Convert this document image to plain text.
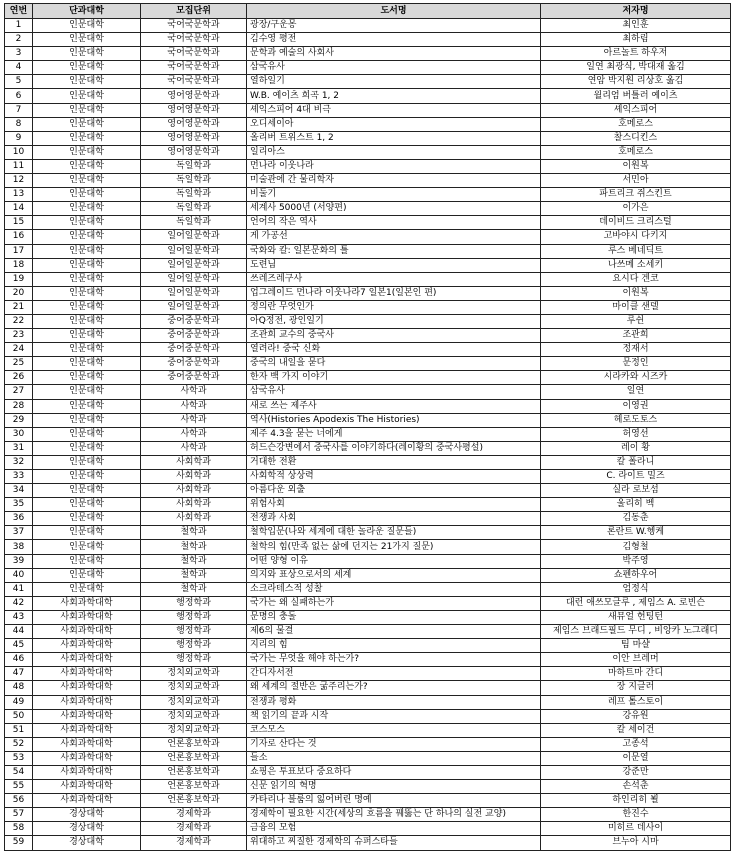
연번	단과대학	모집단위	도서명	저자명
1	인문대학	국어국문학과	광장/구운몽	최인훈
2	인문대학	국어국문학과	김수영 평전	최하림
3	인문대학	국어국문학과	문학과 예술의 사회사	아르놀트 하우저
4	인문대학	국어국문학과	삼국유사	일연 최광식, 박대재 옮김
5	인문대학	국어국문학과	열하일기	연암 박지원 리상호 옮김
6	인문대학	영어영문학과	W.B. 예이츠 희곡 1, 2	윌리엄 버틀러 예이츠
7	인문대학	영어영문학과	셰익스피어 4대 비극	셰익스피어
8	인문대학	영어영문학과	오디세이아	호메로스
9	인문대학	영어영문학과	올리버 트위스트 1, 2	찰스디킨스
10	인문대학	영어영문학과	일리아스	호메로스
11	인문대학	독일학과	먼나라 이웃나라	이원복
12	인문대학	독일학과	미술관에 간 물리학자	서민아
13	인문대학	독일학과	비둘기	파트리크 쥐스킨트
14	인문대학	독일학과	세계사 5000년 (서양편)	이가은
15	인문대학	독일학과	언어의 작은 역사	데이비드 크리스털
16	인문대학	일어일문학과	게 가공선	고바야시 다키지
17	인문대학	일어일문학과	국화와 칼: 일본문화의 틀	루스 베네딕트
18	인문대학	일어일문학과	도련님	나쓰메 소세키
19	인문대학	일어일문학과	쓰레즈레구사	요시다 겐코
20	인문대학	일어일문학과	업그레이드 먼나라 이웃나라7 일본1(일본인 편)	이원복
21	인문대학	일어일문학과	정의란 무엇인가	마이클 샌델
22	인문대학	중어중문학과	아Q정전, 광인일기	루쉰
23	인문대학	중어중문학과	조관희 교수의 중국사	조관희
24	인문대학	중어중문학과	열려라! 중국 신화	정재서
25	인문대학	중어중문학과	중국의 내일을 묻다	문정인
26	인문대학	중어중문학과	한자 백 가지 이야기	시라카와 시즈카
27	인문대학	사학과	삼국유사	일연
28	인문대학	사학과	새로 쓰는 제주사	이영권
29	인문대학	사학과	역사(Histories Apodexis The Histories)	헤로도토스
30	인문대학	사학과	제주 4.3을 묻는 너에게	허영선
31	인문대학	사학과	허드슨강변에서 중국사를 이야기하다(레이황의 중국사평설)	레이 황
32	인문대학	사회학과	거대한 전환	칼 폴라니
33	인문대학	사회학과	사회학적 상상력	C. 라이트 밀즈
34	인문대학	사회학과	아름다운 외출	실라 로보섬
35	인문대학	사회학과	위험사회	울리히 벡
36	인문대학	사회학과	전쟁과 사회	김동춘
37	인문대학	철학과	철학입문(나와 세계에 대한 놀라운 질문들)	론란트 W.헹케
38	인문대학	철학과	철학의 힘(만족 없는 삶에 던지는 21가지 질문)	김형철
39	인문대학	철학과	어떤 양형 이유	박주영
40	인문대학	철학과	의지와 표상으로서의 세계	쇼펜하우어
41	인문대학	철학과	소크라테스적 성찰	엄정식
42	사회과학대학	행정학과	국가는 왜 실패하는가	대런 애쓰모글루 , 제임스 A. 로빈슨
43	사회과학대학	행정학과	문명의 충돌	새뮤얼 헌팅턴
44	사회과학대학	행정학과	제6의 물결	제임스 브래드필드 무디 , 비앙카 노그래디
45	사회과학대학	행정학과	지리의 힘	팀 마샬
46	사회과학대학	행정학과	국가는 무엇을 해야 하는가?	이안 브레머
47	사회과학대학	정치외교학과	간디자서전	마하트마 간디
48	사회과학대학	정치외교학과	왜 세계의 절반은 굶주리는가?	장 지글러
49	사회과학대학	정치외교학과	전쟁과 평화	레프 톨스토이
50	사회과학대학	정치외교학과	책 읽기의 끝과 시작	강유원
51	사회과학대학	정치외교학과	코스모스	칼 세이건
52	사회과학대학	언론홍보학과	기자로 산다는 것	고종석
53	사회과학대학	언론홍보학과	들소	이문열
54	사회과학대학	언론홍보학과	쇼핑은 투표보다 중요하다	강준만
55	사회과학대학	언론홍보학과	신문 읽기의 혁명	손석춘
56	사회과학대학	언론홍보학과	카타리나 블룸의 잃어버린 명예	하인리히 뵐
57	경상대학	경제학과	경제학이 필요한 시간(세상의 흐름을 꿰뚫는 단 하나의 실전 교양)	한진수
58	경상대학	경제학과	금융의 모험	미히르 데사이
59	경상대학	경제학과	위대하고 찌질한 경제학의 슈퍼스타들	브누아 시마
